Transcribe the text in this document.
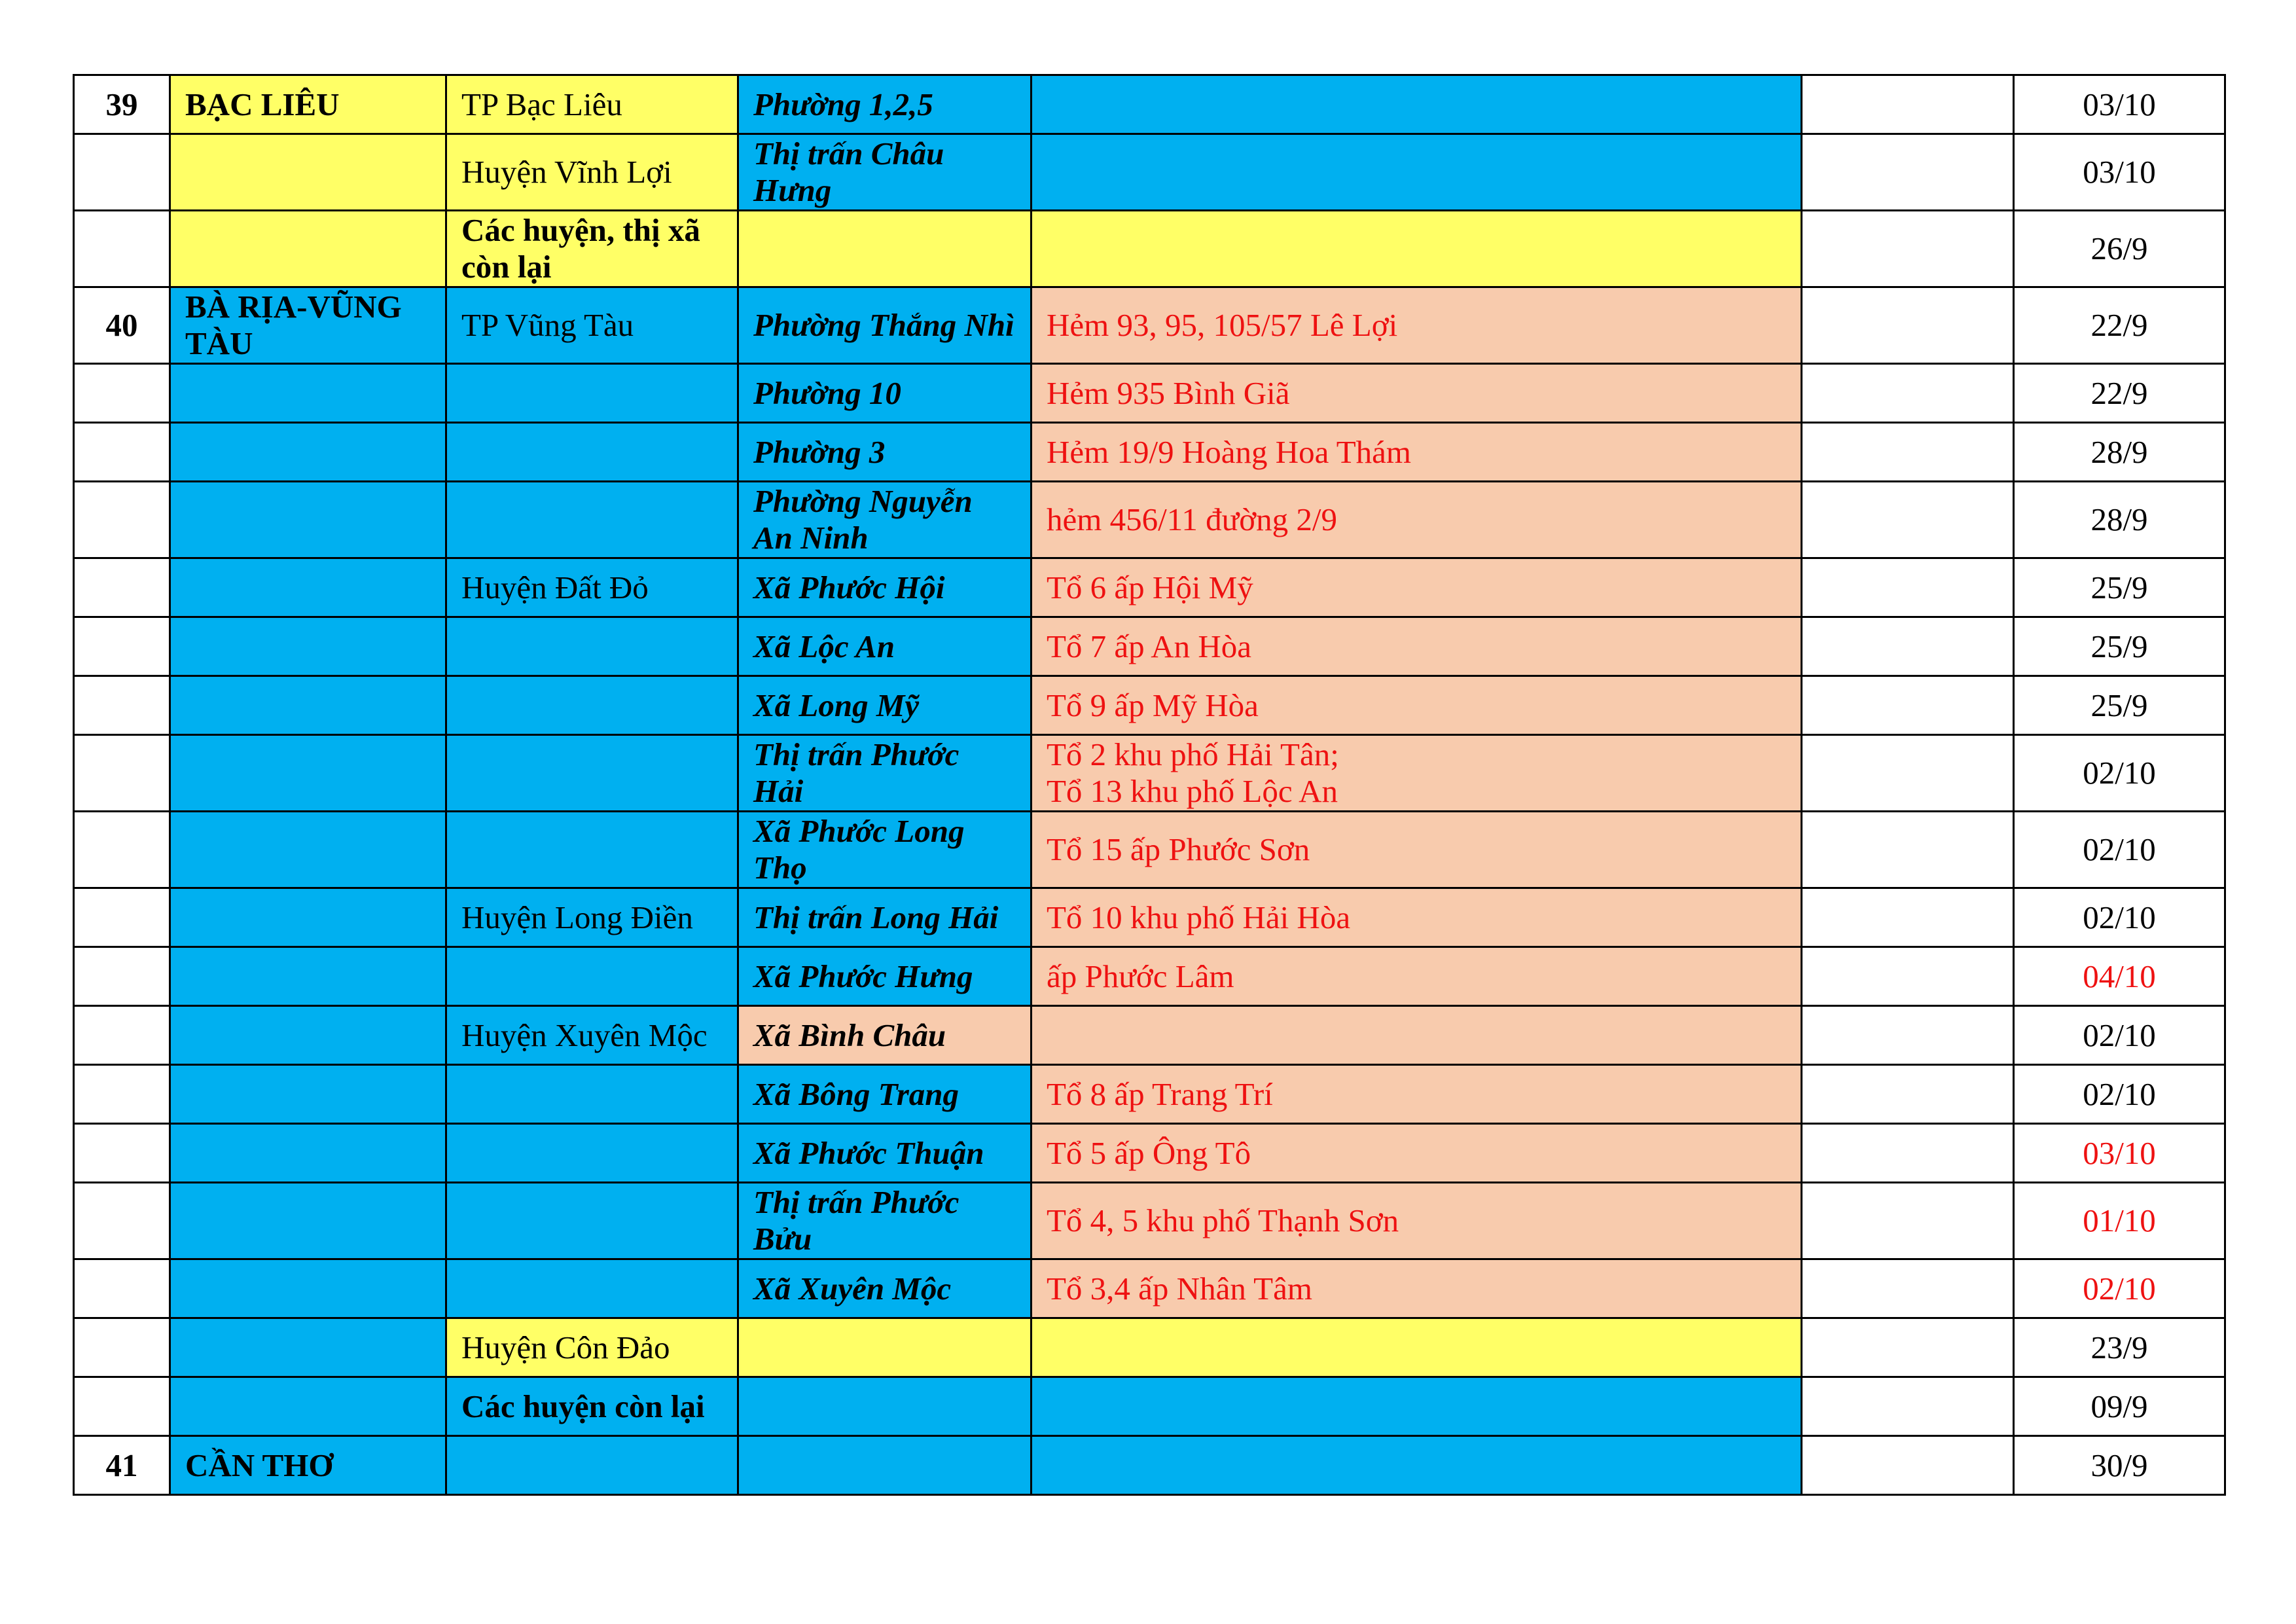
39	BẠC LIÊU	TP Bạc Liêu	Phường 1,2,5			03/10
		Huyện Vĩnh Lợi	Thị trấn Châu Hưng			03/10
		Các huyện, thị xã còn lại				26/9
40	BÀ RỊA-VŨNG TÀU	TP Vũng Tàu	Phường Thắng Nhì	Hẻm 93, 95, 105/57 Lê Lợi		22/9
			Phường 10	Hẻm 935 Bình Giã		22/9
			Phường 3	Hẻm 19/9 Hoàng Hoa Thám		28/9
			Phường Nguyễn An Ninh	hẻm 456/11 đường 2/9		28/9
		Huyện Đất Đỏ	Xã Phước Hội	Tổ 6 ấp Hội Mỹ		25/9
			Xã Lộc An	Tổ 7 ấp An Hòa		25/9
			Xã Long Mỹ	Tổ 9 ấp Mỹ Hòa		25/9
			Thị trấn Phước Hải	Tổ 2 khu phố Hải Tân;
Tổ 13 khu phố Lộc An		02/10
			Xã Phước Long Thọ	Tổ 15 ấp Phước Sơn		02/10
		Huyện Long Điền	Thị trấn Long Hải	Tổ 10 khu phố Hải Hòa		02/10
			Xã Phước Hưng	ấp Phước Lâm		04/10
		Huyện Xuyên Mộc	Xã Bình Châu			02/10
			Xã Bông Trang	Tổ 8 ấp Trang Trí		02/10
			Xã Phước Thuận	Tổ 5 ấp Ông Tô		03/10
			Thị trấn Phước Bửu	Tổ 4, 5 khu phố Thạnh Sơn		01/10
			Xã Xuyên Mộc	Tổ 3,4 ấp Nhân Tâm		02/10
		Huyện Côn Đảo				23/9
		Các huyện còn lại				09/9
41	CẦN THƠ					30/9
